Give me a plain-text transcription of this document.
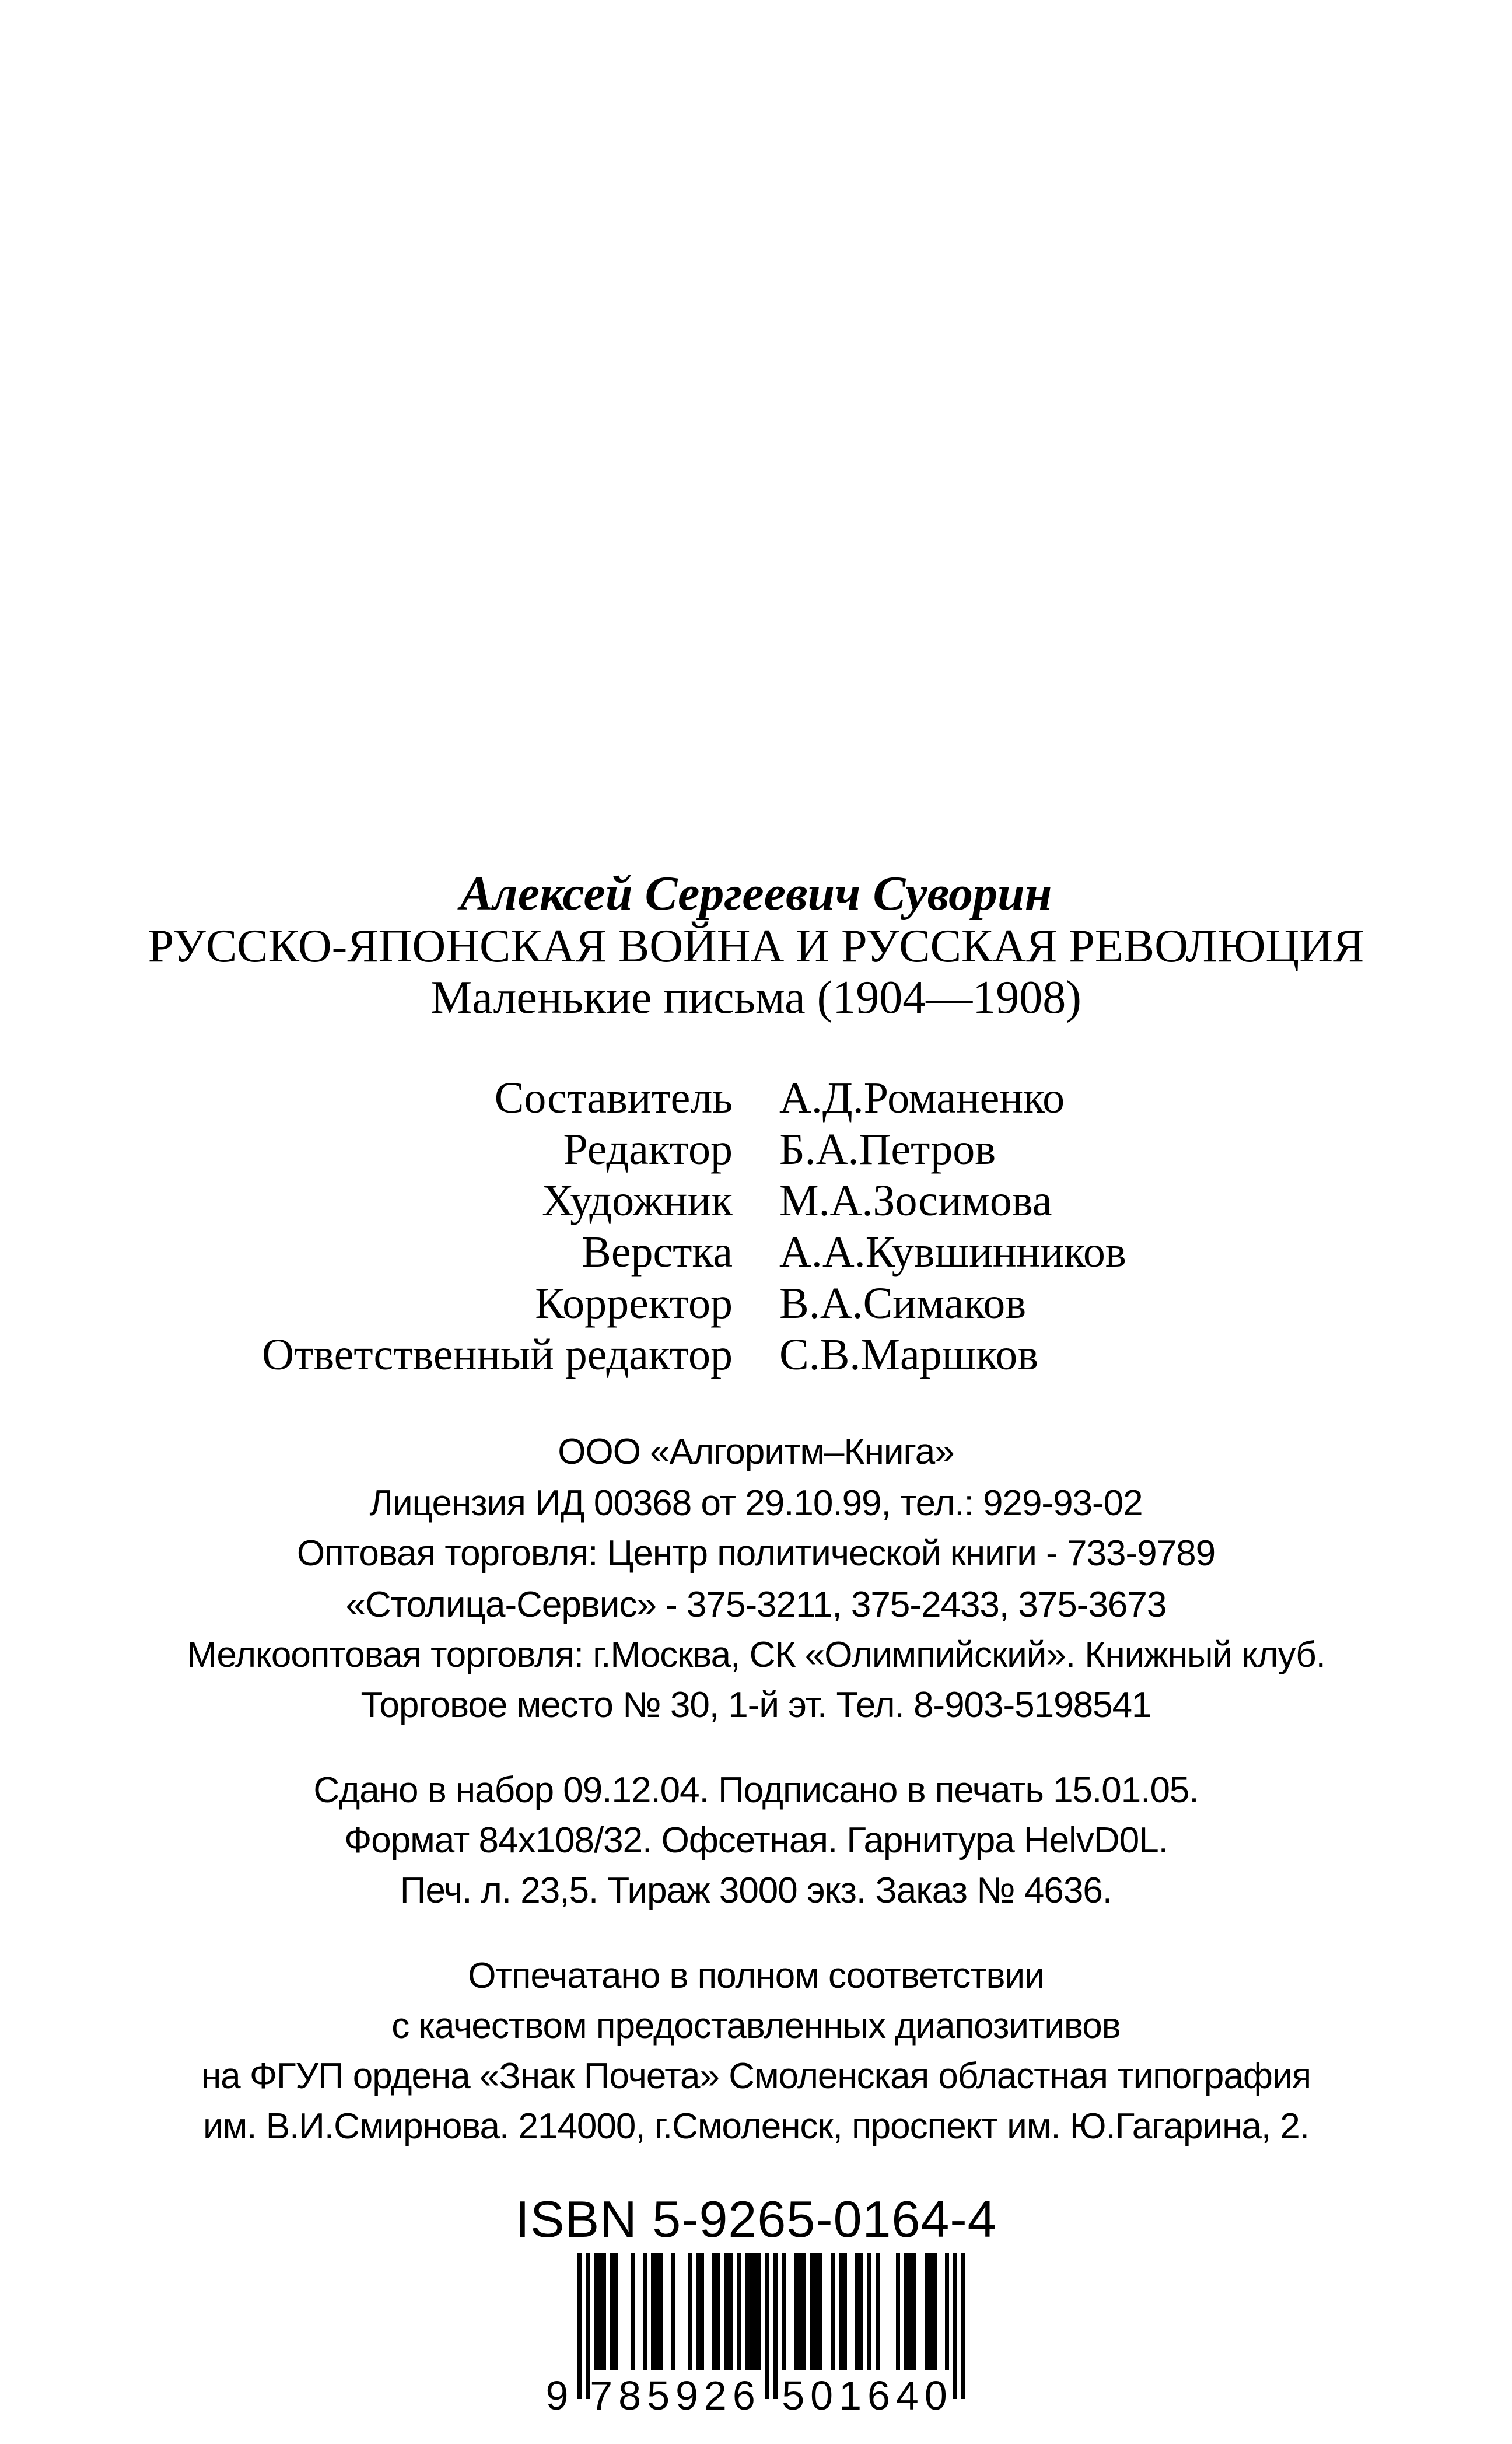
Алексей Сергеевич Суворин
РУССКО-ЯПОНСКАЯ ВОЙНА И РУССКАЯ РЕВОЛЮЦИЯ
Маленькие письма (1904—1908)
Составитель А.Д.Романенко
Редактор Б.А.Петров
Художник М.А.Зосимова
Верстка А.А.Кувшинников
Корректор В.А.Симаков
Ответственный редактор С.В.Маршков
ООО «Алгоритм–Книга»
Лицензия ИД 00368 от 29.10.99, тел.: 929-93-02
Оптовая торговля: Центр политической книги - 733-9789
«Столица-Сервис» - 375-3211, 375-2433, 375-3673
Мелкооптовая торговля: г.Москва, СК «Олимпийский». Книжный клуб.
Торговое место № 30, 1-й эт. Тел. 8-903-5198541
Сдано в набор 09.12.04. Подписано в печать 15.01.05.
Формат 84x108/32. Офсетная. Гарнитура HelvD0L.
Печ. л. 23,5. Тираж 3000 экз. Заказ № 4636.
Отпечатано в полном соответствии
с качеством предоставленных диапозитивов
на ФГУП ордена «Знак Почета» Смоленская областная типография
им. В.И.Смирнова. 214000, г.Смоленск, проспект им. Ю.Гагарина, 2.
ISBN 5-9265-0164-4
9 785926 501640
